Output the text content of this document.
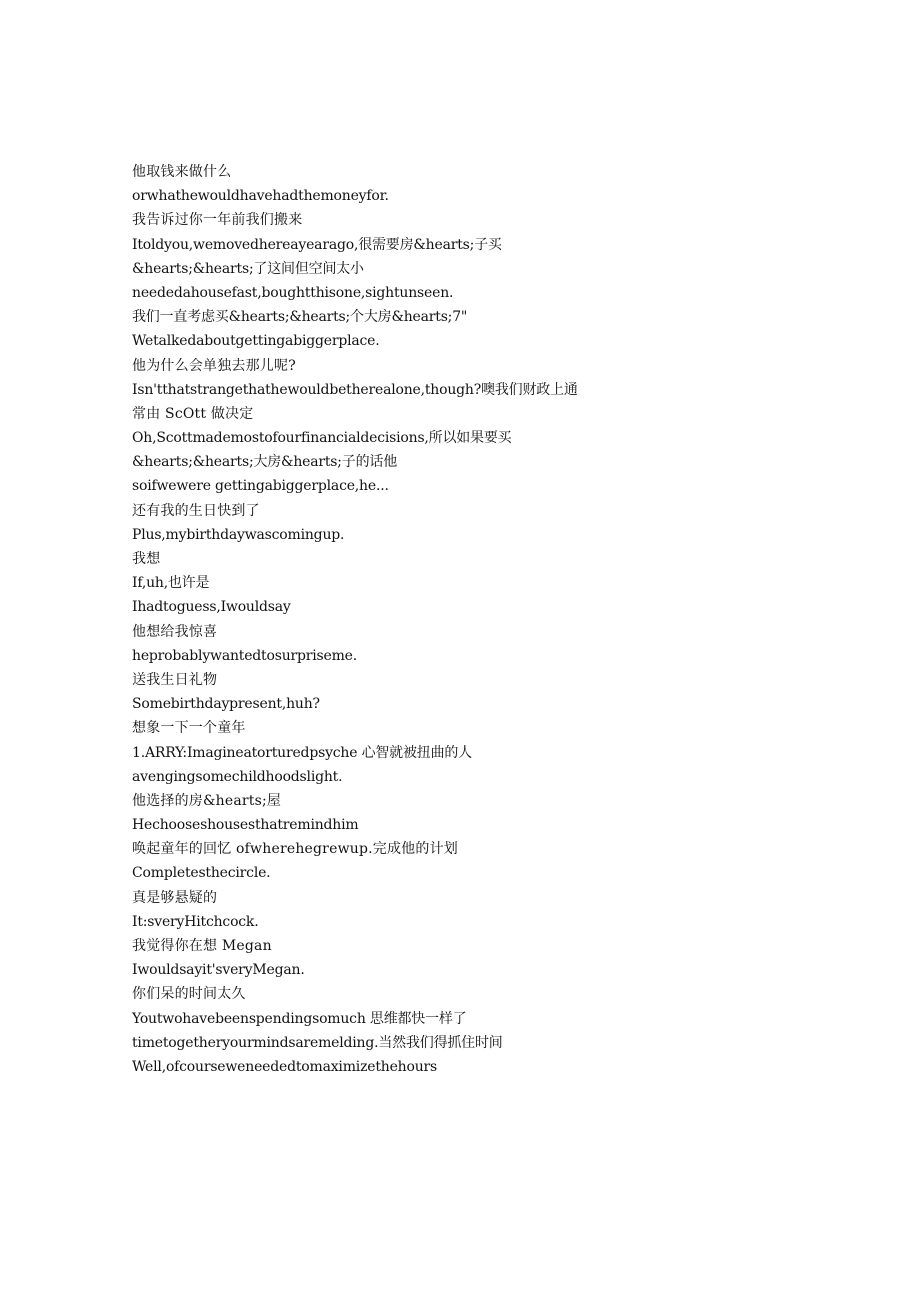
他取钱来做什么
orwhathewouldhavehadthemoneyfor.
我告诉过你一年前我们搬来
Itoldyou,wemovedhereayearago,很需要房&hearts;子买
&hearts;&hearts;了这间但空间太小
neededahousefast,boughtthisone,sightunseen.
我们一直考虑买&hearts;&hearts;个大房&hearts;7"
Wetalkedaboutgettingabiggerplace.
他为什么会单独去那儿呢?
Isn'tthatstrangethathewouldbetherealone,though?噢我们财政上通
常由 ScOtt 做决定
Oh,Scottmademostofourfinancialdecisions,所以如果要买
&hearts;&hearts;大房&hearts;子的话他
soifwewere gettingabiggerplace,he...
还有我的生日快到了
Plus,mybirthdaywascomingup.
我想
If,uh,也许是
Ihadtoguess,Iwouldsay
他想给我惊喜
heprobablywantedtosurpriseme.
送我生日礼物
Somebirthdaypresent,huh?
想象一下一个童年
1.ARRY:Imagineatorturedpsyche 心智就被扭曲的人
avengingsomechildhoodslight.
他选择的房&hearts;屋
Hechooseshousesthatremindhim
唤起童年的回忆 ofwherehegrewup.完成他的计划
Completesthecircle.
真是够悬疑的
It:sveryHitchcock.
我觉得你在想 Megan
Iwouldsayit'sveryMegan.
你们呆的时间太久
Youtwohavebeenspendingsomuch 思维都快一样了
timetogetheryourmindsaremelding.当然我们得抓住时间
Well,ofcourseweneededtomaximizethehours
